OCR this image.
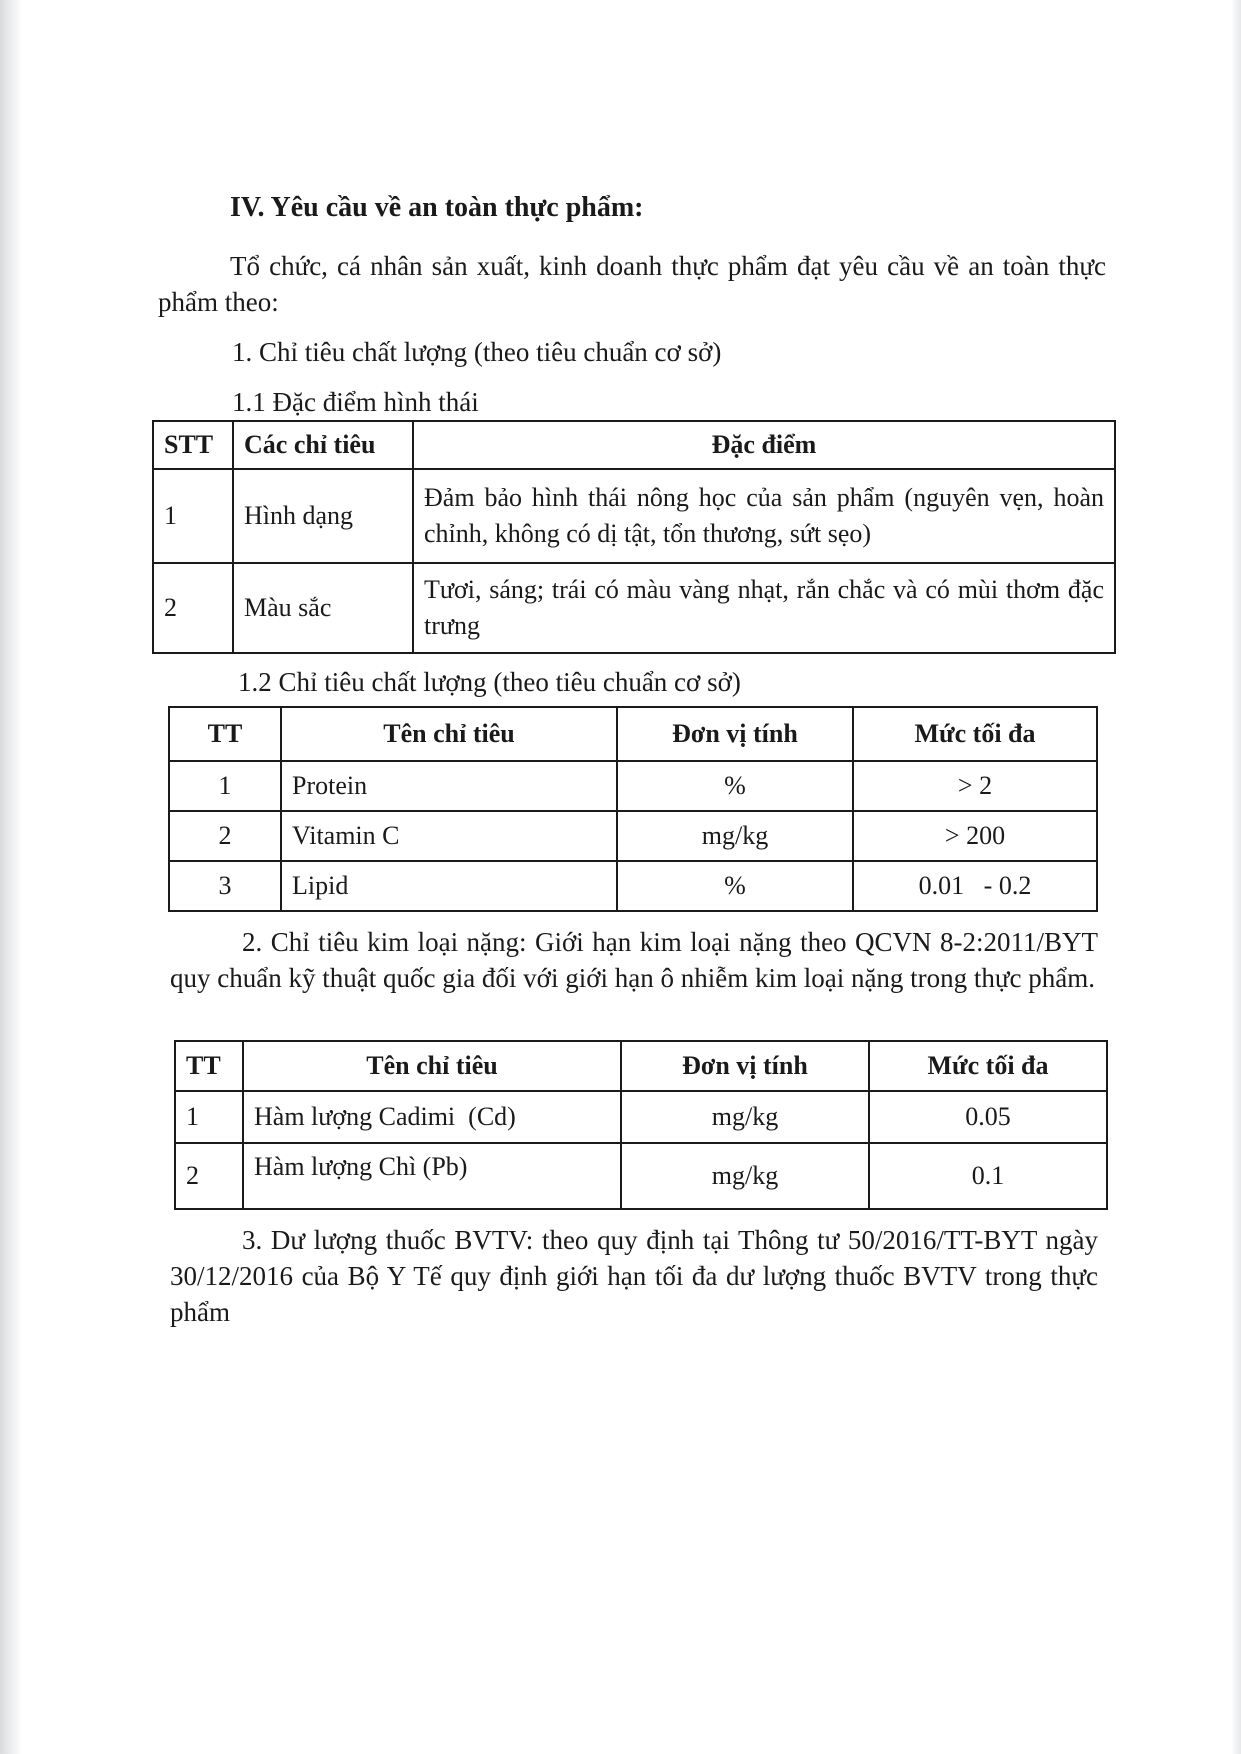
IV. Yêu cầu về an toàn thực phẩm:
Tổ chức, cá nhân sản xuất, kinh doanh thực phẩm đạt yêu cầu về an toàn thực phẩm theo:
1. Chỉ tiêu chất lượng (theo tiêu chuẩn cơ sở)
1.1 Đặc điểm hình thái
STT	Các chỉ tiêu	Đặc điểm
1	Hình dạng	Đảm bảo hình thái nông học của sản phẩm (nguyên vẹn, hoàn chỉnh, không có dị tật, tổn thương, sứt sẹo)
2	Màu sắc	Tươi, sáng; trái có màu vàng nhạt, rắn chắc và có mùi thơm đặc trưng
1.2 Chỉ tiêu chất lượng (theo tiêu chuẩn cơ sở)
TT	Tên chỉ tiêu	Đơn vị tính	Mức tối đa
1	Protein	%	> 2
2	Vitamin C	mg/kg	> 200
3	Lipid	%	0.01   - 0.2
2. Chỉ tiêu kim loại nặng: Giới hạn kim loại nặng theo QCVN 8-2:2011/BYT quy chuẩn kỹ thuật quốc gia đối với giới hạn ô nhiễm kim loại nặng trong thực phẩm.
TT	Tên chỉ tiêu	Đơn vị tính	Mức tối đa
1	Hàm lượng Cadimi  (Cd)	mg/kg	0.05
2	Hàm lượng Chì (Pb)	mg/kg	0.1
3. Dư lượng thuốc BVTV: theo quy định tại Thông tư 50/2016/TT-BYT ngày 30/12/2016 của Bộ Y Tế quy định giới hạn tối đa dư lượng thuốc BVTV trong thực phẩm
